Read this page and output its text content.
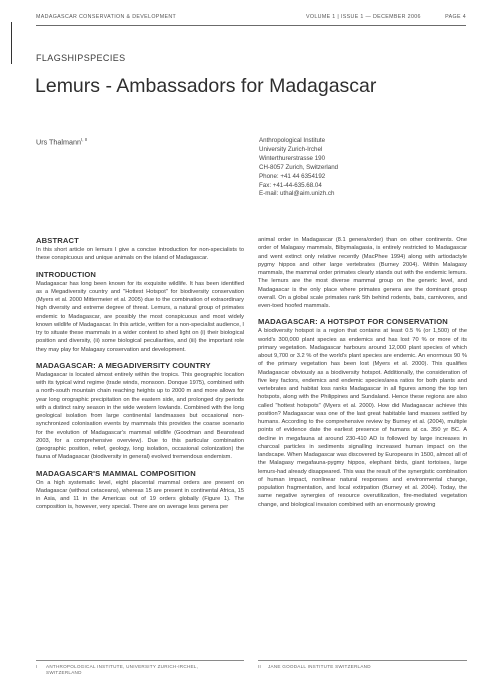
MADAGASCAR CONSERVATION & DEVELOPMENT	VOLUME 1 | ISSUE 1 — DECEMBER 2006	PAGE 4
FLAGSHIPSPECIES
Lemurs - Ambassadors for Madagascar
Urs Thalmann$^{I, II}$	Anthropological Institute
University Zurich-Irchel
Winterthurerstrasse 190
CH-8057 Zurich, Switzerland
Phone: +41 44 6354192
Fax: +41-44-635.68.04
E-mail: uthal@aim.unizh.ch
ABSTRACT

In this short article on lemurs I give a concise introduction for non-specialists to these conspicuous and unique animals on the island of Madagascar.

INTRODUCTION

Madagascar has long been known for its exquisite wildlife. It has been identified as a Megadiversity country and "Hottest Hotspot" for biodiversity conservation (Myers et al. 2000 Mittermeier et al. 2005) due to the combination of extraordinary high diversity and extreme degree of threat. Lemurs, a natural group of primates endemic to Madagascar, are possibly the most conspicuous and most widely known wildlife of Madagascar. In this article, written for a non-specialist audience, I try to situate these mammals in a wider context to shed light on (i) their biological position and diversity, (ii) some biological peculiarities, and (iii) the important role they may play for Malagasy conservation and development.

MADAGASCAR: A MEGADIVERSITY COUNTRY

Madagascar is located almost entirely within the tropics. This geographic location with its typical wind regime (trade winds, monsoon. Donque 1975), combined with a north-south mountain chain reaching heights up to 2000 m and more allows for year long orographic precipitation on the eastern side, and prolonged dry periods with a distinct rainy season in the wide western lowlands. Combined with the long geological isolation from large continental landmasses but occasional non-synchronized colonisation events by mammals this provides the coarse scenario for the evolution of Madagascar's mammal wildlife (Goodman and Beanstead 2003, for a comprehensive overview). Due to this particular combination (geographic position, relief, geology, long isolation, occasional colonization) the fauna of Madagascar (biodiversity in general) evolved tremendous endemism.

MADAGASCAR'S MAMMAL COMPOSITION

On a high systematic level, eight placental mammal orders are present on Madagascar (without cetaceans), whereas 15 are present in continental Africa, 15 in Asia, and 11 in the Americas out of 19 orders globally (Figure 1). The composition is, however, very special. There are on average less genera per

animal order in Madagascar (8.1 genera/order) than on other continents. One order of Malagasy mammals, Bibymalagasia, is entirely restricted to Madagascar and went extinct only relative recently (MacPhee 1994) along with artiodactyle pygmy hippos and other large vertebrates (Burney 2004). Within Malagasy mammals, the mammal order primates clearly stands out with the endemic lemurs. The lemurs are the most diverse mammal group on the generic level, and Madagascar is the only place where primates genera are the dominant group overall. On a global scale primates rank 5th behind rodents, bats, carnivores, and even-toed hoofed mammals.

MADAGASCAR: A HOTSPOT FOR CONSERVATION

A biodiversity hotspot is a region that contains at least 0.5 % (or 1,500) of the world's 300,000 plant species as endemics and has lost 70 % or more of its primary vegetation. Madagascar harbours around 12,000 plant species of which about 9,700 or 3.2 % of the world's plant species are endemic. An enormous 90 % of the primary vegetation has been lost (Myers et al. 2000). This qualifies Madagascar obviously as a biodiversity hotspot. Additionally, the consideration of five key factors, endemics and endemic species/area ratios for both plants and vertebrates and habitat loss ranks Madagascar in all figures among the top ten hotspots, along with the Philippines and Sundaland. Hence these regions are also called "hottest hotspots" (Myers et al. 2000). How did Madagascar achieve this position? Madagascar was one of the last great habitable land masses settled by humans. According to the comprehensive review by Burney et al. (2004), multiple points of evidence date the earliest presence of humans at ca. 350 yr BC. A decline in megafauna at around 230-410 AD is followed by large increases in charcoal particles in sediments signalling increased human impact on the landscape. When Madagascar was discovered by Europeans in 1500, almost all of the Malagasy megafauna-pygmy hippos, elephant birds, giant tortoises, large lemurs-had already disappeared. This was the result of the synergistic combination of human impact, nonlinear natural responses and environmental change, population fragmentation, and local extirpation (Burney et al. 2004). Today, the same negative synergies of resource overutilization, fire-mediated vegetation change, and biological invasion combined with an enormously growing

I ANTHROPOLOGICAL INSTITUTE, UNIVERSITY ZURICH-IRCHEL,
SWITZERLAND
II JANE GOODALL INSTITUTE SWITZERLAND
